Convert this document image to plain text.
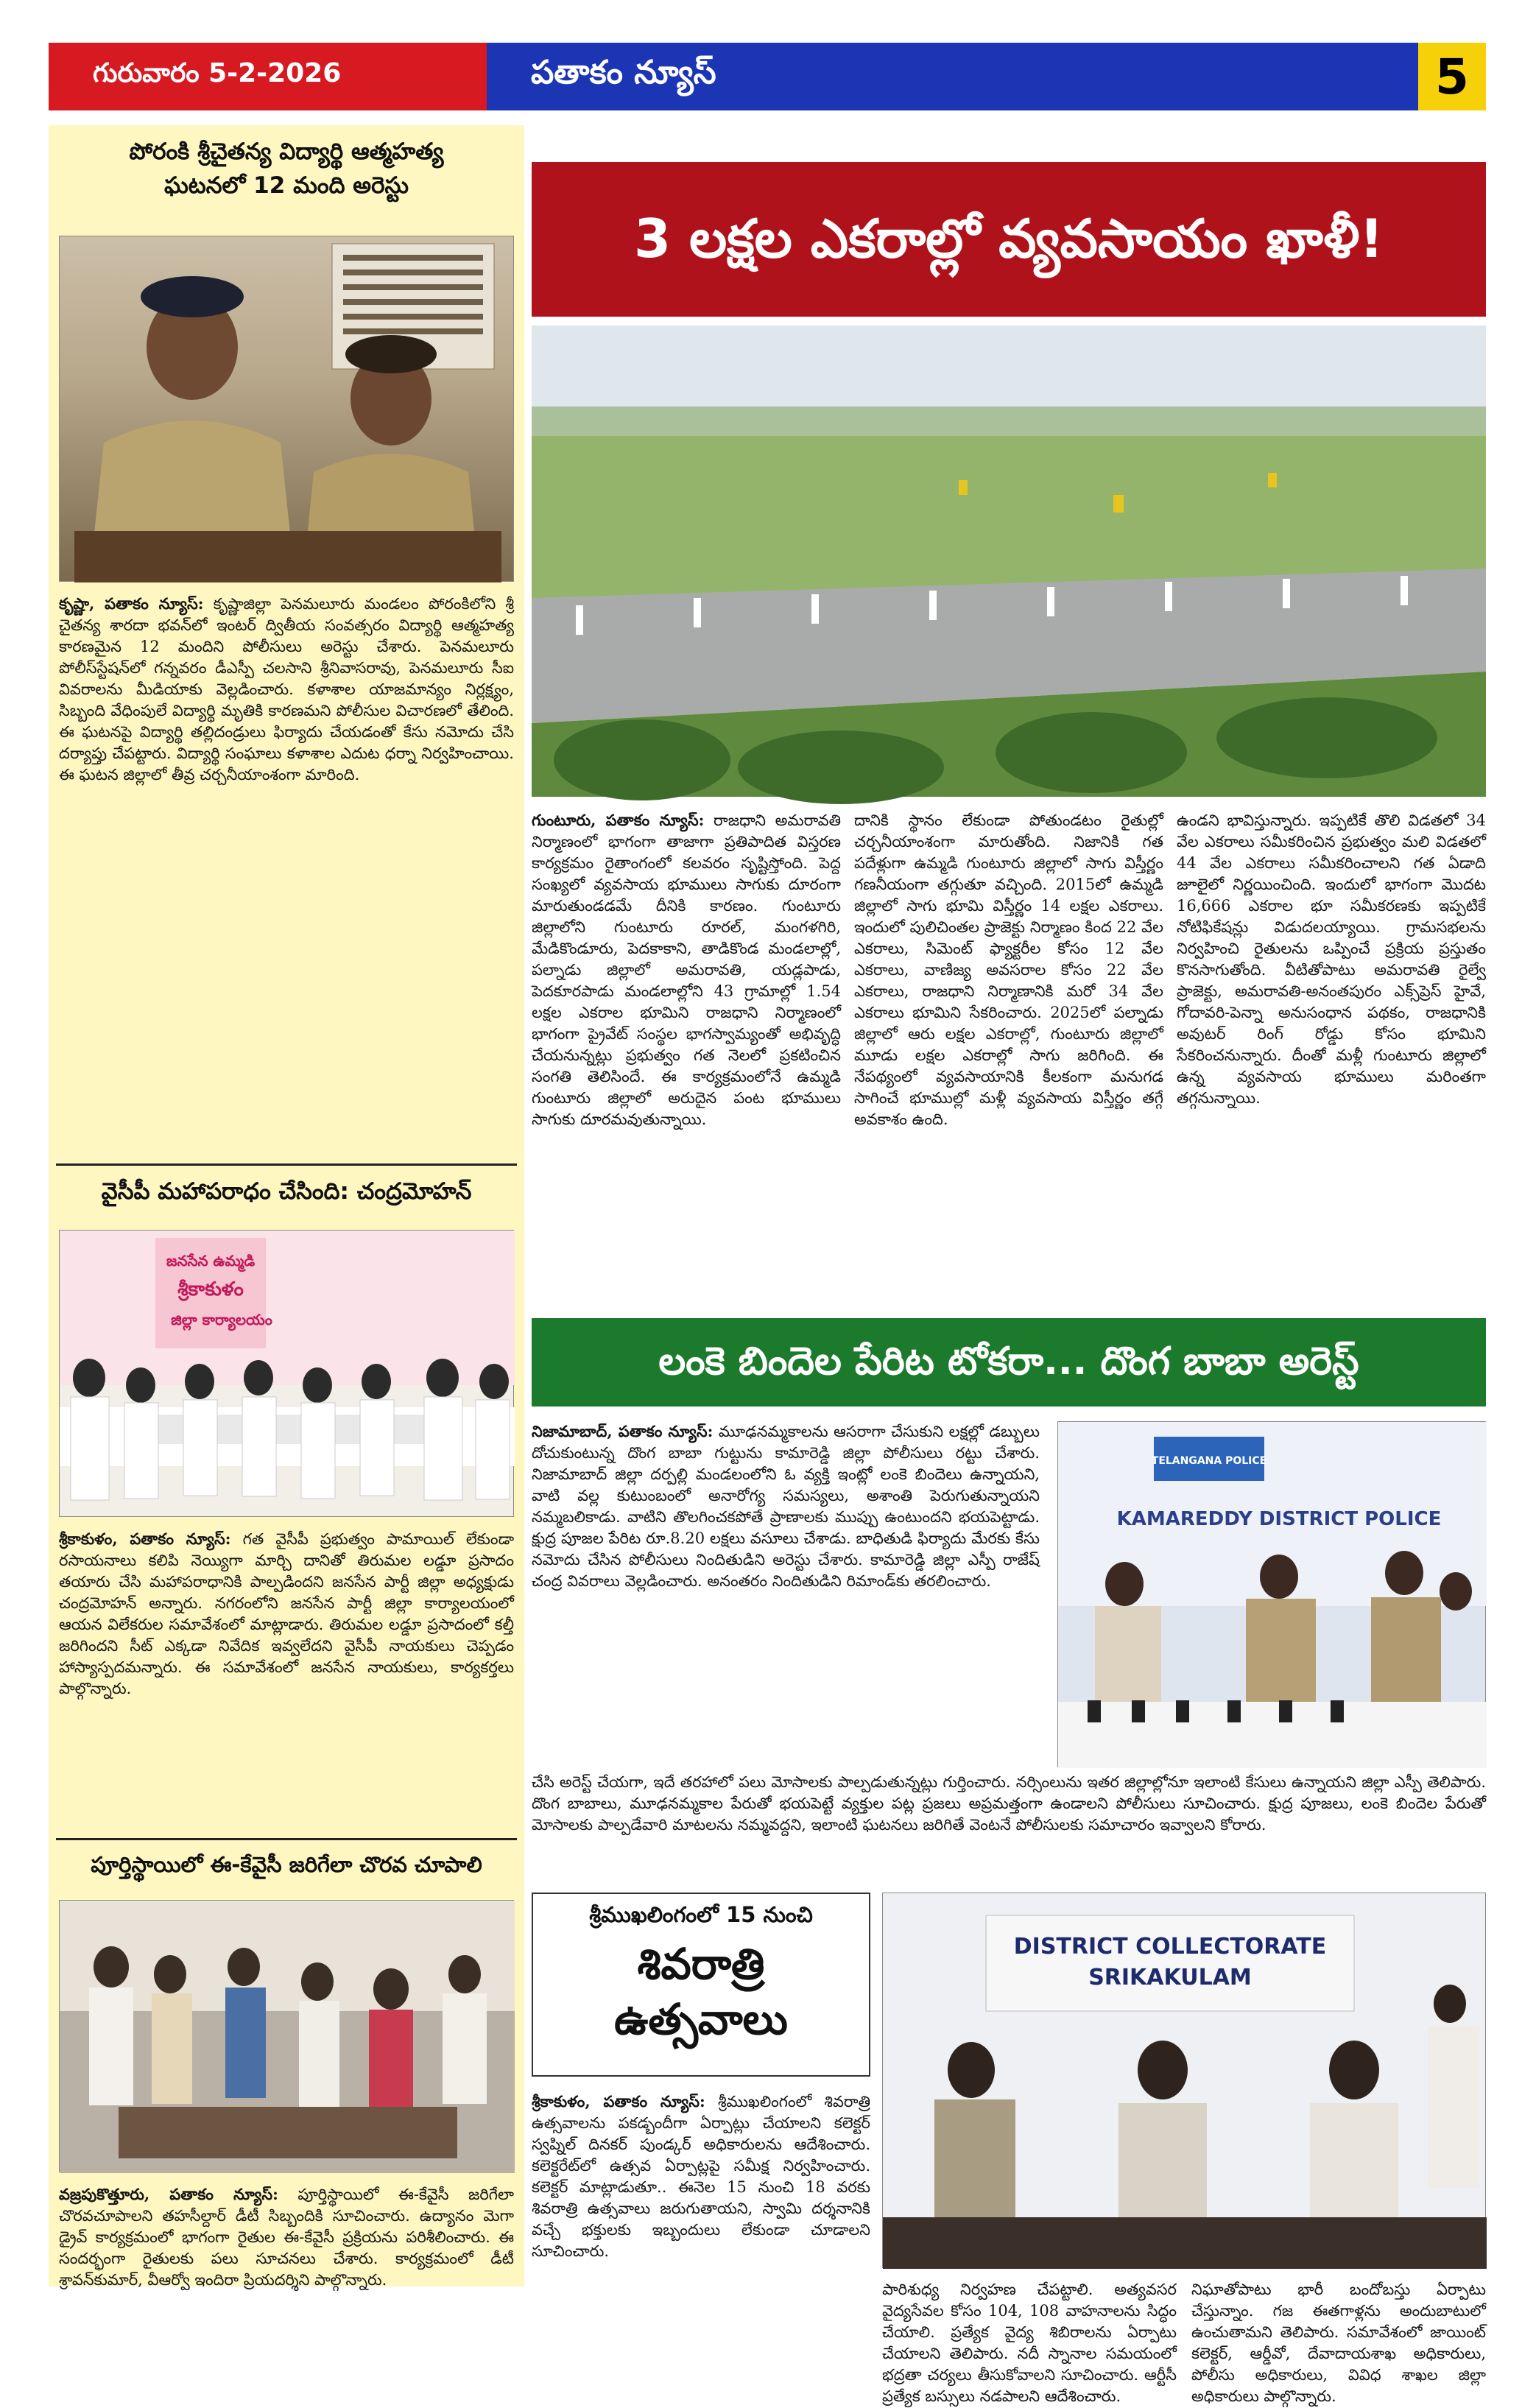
గురువారం 5-2-2026	పతాకం న్యూస్	5
పోరంకి శ్రీచైతన్య విద్యార్థి ఆత్మహత్య
ఘటనలో 12 మంది అరెస్టు
కృష్ణా, పతాకం న్యూస్: కృష్ణాజిల్లా పెనమలూరు మండలం పోరంకిలోని శ్రీ చైతన్య శారదా భవన్‌లో ఇంటర్ ద్వితీయ సంవత్సరం విద్యార్థి ఆత్మహత్య కారణమైన 12 మందిని పోలీసులు అరెస్టు చేశారు. పెనమలూరు పోలీస్‌స్టేషన్‌లో గన్నవరం డీఎస్పీ చలసాని శ్రీనివాసరావు, పెనమలూరు సీఐ వివరాలను మీడియాకు వెల్లడించారు. కళాశాల యాజమాన్యం నిర్లక్ష్యం, సిబ్బంది వేధింపులే విద్యార్థి మృతికి కారణమని పోలీసుల విచారణలో తేలింది. ఈ ఘటనపై విద్యార్థి తల్లిదండ్రులు ఫిర్యాదు చేయడంతో కేసు నమోదు చేసి దర్యాప్తు చేపట్టారు. విద్యార్థి సంఘాలు కళాశాల ఎదుట ధర్నా నిర్వహించాయి. ఈ ఘటన జిల్లాలో తీవ్ర చర్చనీయాంశంగా మారింది.
వైసీపీ మహాపరాధం చేసింది: చంద్రమోహన్
జనసేన ఉమ్మడి
శ్రీకాకుళం
జిల్లా కార్యాలయం
శ్రీకాకుళం, పతాకం న్యూస్: గత వైసీపీ ప్రభుత్వం పామాయిల్ లేకుండా రసాయనాలు కలిపి నెయ్యిగా మార్చి దానితో తిరుమల లడ్డూ ప్రసాదం తయారు చేసి మహాపరాధానికి పాల్పడిందని జనసేన పార్టీ జిల్లా అధ్యక్షుడు చంద్రమోహన్ అన్నారు. నగరంలోని జనసేన పార్టీ జిల్లా కార్యాలయంలో ఆయన విలేకరుల సమావేశంలో మాట్లాడారు. తిరుమల లడ్డూ ప్రసాదంలో కల్తీ జరిగిందని సీట్ ఎక్కడా నివేదిక ఇవ్వలేదని వైసీపీ నాయకులు చెప్పడం హాస్యాస్పదమన్నారు. ఈ సమావేశంలో జనసేన నాయకులు, కార్యకర్తలు పాల్గొన్నారు.
పూర్తిస్థాయిలో ఈ-కేవైసీ జరిగేలా చొరవ చూపాలి
వజ్రపుకొత్తూరు, పతాకం న్యూస్: పూర్తిస్థాయిలో ఈ-కేవైసీ జరిగేలా చొరవచూపాలని తహసీల్దార్ డీటీ సిబ్బందికి సూచించారు. ఉద్యానం మెగా డ్రైవ్ కార్యక్రమంలో భాగంగా రైతుల ఈ-కేవైసీ ప్రక్రియను పరిశీలించారు. ఈ సందర్భంగా రైతులకు పలు సూచనలు చేశారు. కార్యక్రమంలో డీటీ శ్రావన్‌కుమార్, వీఆర్వో ఇందిరా ప్రియదర్శిని పాల్గొన్నారు.
3 లక్షల ఎకరాల్లో వ్యవసాయం ఖాళీ!
గుంటూరు, పతాకం న్యూస్: రాజధాని అమరావతి నిర్మాణంలో భాగంగా తాజాగా ప్రతిపాదిత విస్తరణ కార్యక్రమం రైతాంగంలో కలవరం సృష్టిస్తోంది. పెద్ద సంఖ్యలో వ్యవసాయ భూములు సాగుకు దూరంగా మారుతుండడమే దీనికి కారణం. గుంటూరు జిల్లాలోని గుంటూరు రూరల్, మంగళగిరి, మేడికొండూరు, పెదకాకాని, తాడికొండ మండలాల్లో, పల్నాడు జిల్లాలో అమరావతి, యడ్లపాడు, పెదకూరపాడు మండలాల్లోని 43 గ్రామాల్లో 1.54 లక్షల ఎకరాల భూమిని రాజధాని నిర్మాణంలో భాగంగా ప్రైవేట్ సంస్థల భాగస్వామ్యంతో అభివృద్ధి చేయనున్నట్లు ప్రభుత్వం గత నెలలో ప్రకటించిన సంగతి తెలిసిందే. ఈ కార్యక్రమంలోనే ఉమ్మడి గుంటూరు జిల్లాలో అరుదైన పంట భూములు సాగుకు దూరమవుతున్నాయి.
దానికి స్థానం లేకుండా పోతుండటం రైతుల్లో చర్చనీయాంశంగా మారుతోంది. నిజానికి గత పదేళ్లుగా ఉమ్మడి గుంటూరు జిల్లాలో సాగు విస్తీర్ణం గణనీయంగా తగ్గుతూ వచ్చింది. 2015లో ఉమ్మడి జిల్లాలో సాగు భూమి విస్తీర్ణం 14 లక్షల ఎకరాలు. ఇందులో పులిచింతల ప్రాజెక్టు నిర్మాణం కింద 22 వేల ఎకరాలు, సిమెంట్ ఫ్యాక్టరీల కోసం 12 వేల ఎకరాలు, వాణిజ్య అవసరాల కోసం 22 వేల ఎకరాలు, రాజధాని నిర్మాణానికి మరో 34 వేల ఎకరాలు భూమిని సేకరించారు. 2025లో పల్నాడు జిల్లాలో ఆరు లక్షల ఎకరాల్లో, గుంటూరు జిల్లాలో మూడు లక్షల ఎకరాల్లో సాగు జరిగింది. ఈ నేపథ్యంలో వ్యవసాయానికి కీలకంగా మనుగడ సాగించే భూముల్లో మళ్లీ వ్యవసాయ విస్తీర్ణం తగ్గే అవకాశం ఉంది.
ఉండని భావిస్తున్నారు. ఇప్పటికే తొలి విడతలో 34 వేల ఎకరాలు సమీకరించిన ప్రభుత్వం మలి విడతలో 44 వేల ఎకరాలు సమీకరించాలని గత ఏడాది జూలైలో నిర్ణయించింది. ఇందులో భాగంగా మొదట 16,666 ఎకరాల భూ సమీకరణకు ఇప్పటికే నోటిఫికేషన్లు విడుదలయ్యాయి. గ్రామసభలను నిర్వహించి రైతులను ఒప్పించే ప్రక్రియ ప్రస్తుతం కొనసాగుతోంది. వీటితోపాటు అమరావతి రైల్వే ప్రాజెక్టు, అమరావతి-అనంతపురం ఎక్స్‌ప్రెస్ హైవే, గోదావరి-పెన్నా అనుసంధాన పథకం, రాజధానికి అవుటర్ రింగ్ రోడ్డు కోసం భూమిని సేకరించనున్నారు. దీంతో మళ్లీ గుంటూరు జిల్లాలో ఉన్న వ్యవసాయ భూములు మరింతగా తగ్గనున్నాయి.
లంకె బిందెల పేరిట టోకరా... దొంగ బాబా అరెస్ట్
నిజామాబాద్, పతాకం న్యూస్: మూఢనమ్మకాలను ఆసరాగా చేసుకుని లక్షల్లో డబ్బులు దోచుకుంటున్న దొంగ బాబా గుట్టును కామారెడ్డి జిల్లా పోలీసులు రట్టు చేశారు. నిజామాబాద్ జిల్లా దర్పల్లి మండలంలోని ఓ వ్యక్తి ఇంట్లో లంకె బిందెలు ఉన్నాయని, వాటి వల్ల కుటుంబంలో అనారోగ్య సమస్యలు, అశాంతి పెరుగుతున్నాయని నమ్మబలికాడు. వాటిని తొలగించకపోతే ప్రాణాలకు ముప్పు ఉంటుందని భయపెట్టాడు. క్షుద్ర పూజల పేరిట రూ.8.20 లక్షలు వసూలు చేశాడు. బాధితుడి ఫిర్యాదు మేరకు కేసు నమోదు చేసిన పోలీసులు నిందితుడిని అరెస్టు చేశారు. కామారెడ్డి జిల్లా ఎస్పీ రాజేష్ చంద్ర వివరాలు వెల్లడించారు. అనంతరం నిందితుడిని రిమాండ్‌కు తరలించారు.
TELANGANA POLICE
KAMAREDDY DISTRICT POLICE
చేసి అరెస్ట్ చేయగా, ఇదే తరహాలో పలు మోసాలకు పాల్పడుతున్నట్లు గుర్తించారు. నర్సింలును ఇతర జిల్లాల్లోనూ ఇలాంటి కేసులు ఉన్నాయని జిల్లా ఎస్పీ తెలిపారు. దొంగ బాబాలు, మూఢనమ్మకాల పేరుతో భయపెట్టే వ్యక్తుల పట్ల ప్రజలు అప్రమత్తంగా ఉండాలని పోలీసులు సూచించారు. క్షుద్ర పూజలు, లంకె బిందెల పేరుతో మోసాలకు పాల్పడేవారి మాటలను నమ్మవద్దని, ఇలాంటి ఘటనలు జరిగితే వెంటనే పోలీసులకు సమాచారం ఇవ్వాలని కోరారు.
శ్రీముఖలింగంలో 15 నుంచి
శివరాత్రి
ఉత్సవాలు
శ్రీకాకుళం, పతాకం న్యూస్: శ్రీముఖలింగంలో శివరాత్రి ఉత్సవాలను పకడ్బందీగా ఏర్పాట్లు చేయాలని కలెక్టర్ స్వప్నిల్ దినకర్ పుండ్కర్ అధికారులను ఆదేశించారు. కలెక్టరేట్‌లో ఉత్సవ ఏర్పాట్లపై సమీక్ష నిర్వహించారు. కలెక్టర్ మాట్లాడుతూ.. ఈనెల 15 నుంచి 18 వరకు శివరాత్రి ఉత్సవాలు జరుగుతాయని, స్వామి దర్శనానికి వచ్చే భక్తులకు ఇబ్బందులు లేకుండా చూడాలని సూచించారు.
DISTRICT COLLECTORATE
SRIKAKULAM
పారిశుధ్య నిర్వహణ చేపట్టాలి. అత్యవసర వైద్యసేవల కోసం 104, 108 వాహనాలను సిద్ధం చేయాలి. ప్రత్యేక వైద్య శిబిరాలను ఏర్పాటు చేయాలని తెలిపారు. నదీ స్నానాల సమయంలో భద్రతా చర్యలు తీసుకోవాలని సూచించారు. ఆర్టీసీ ప్రత్యేక బస్సులు నడపాలని ఆదేశించారు.
నిఘాతోపాటు భారీ బందోబస్తు ఏర్పాటు చేస్తున్నాం. గజ ఈతగాళ్లను అందుబాటులో ఉంచుతామని తెలిపారు. సమావేశంలో జాయింట్ కలెక్టర్, ఆర్డీవో, దేవాదాయశాఖ అధికారులు, పోలీసు అధికారులు, వివిధ శాఖల జిల్లా అధికారులు పాల్గొన్నారు.
